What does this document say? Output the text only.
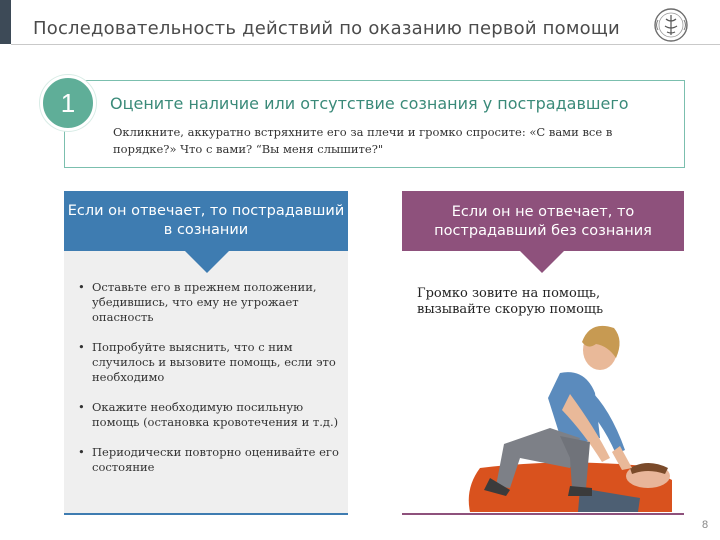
Последовательность действий по оказанию первой помощи
1 Оцените наличие или отсутствие сознания у пострадавшего
Окликните, аккуратно встряхните его за плечи и громко спросите: «С вами все в порядке?» Что с вами? “Вы меня слышите?"
Если он отвечает, то пострадавший в сознании
• Оставьте его в прежнем положении, убедившись, что ему не угрожает опасность
• Попробуйте выяснить, что с ним случилось и вызовите помощь, если это необходимо
• Окажите необходимую посильную помощь (остановка кровотечения и т.д.)
• Периодически повторно оценивайте его состояние
Если он не отвечает, то пострадавший без сознания
Громко зовите на помощь, вызывайте скорую помощь
8
